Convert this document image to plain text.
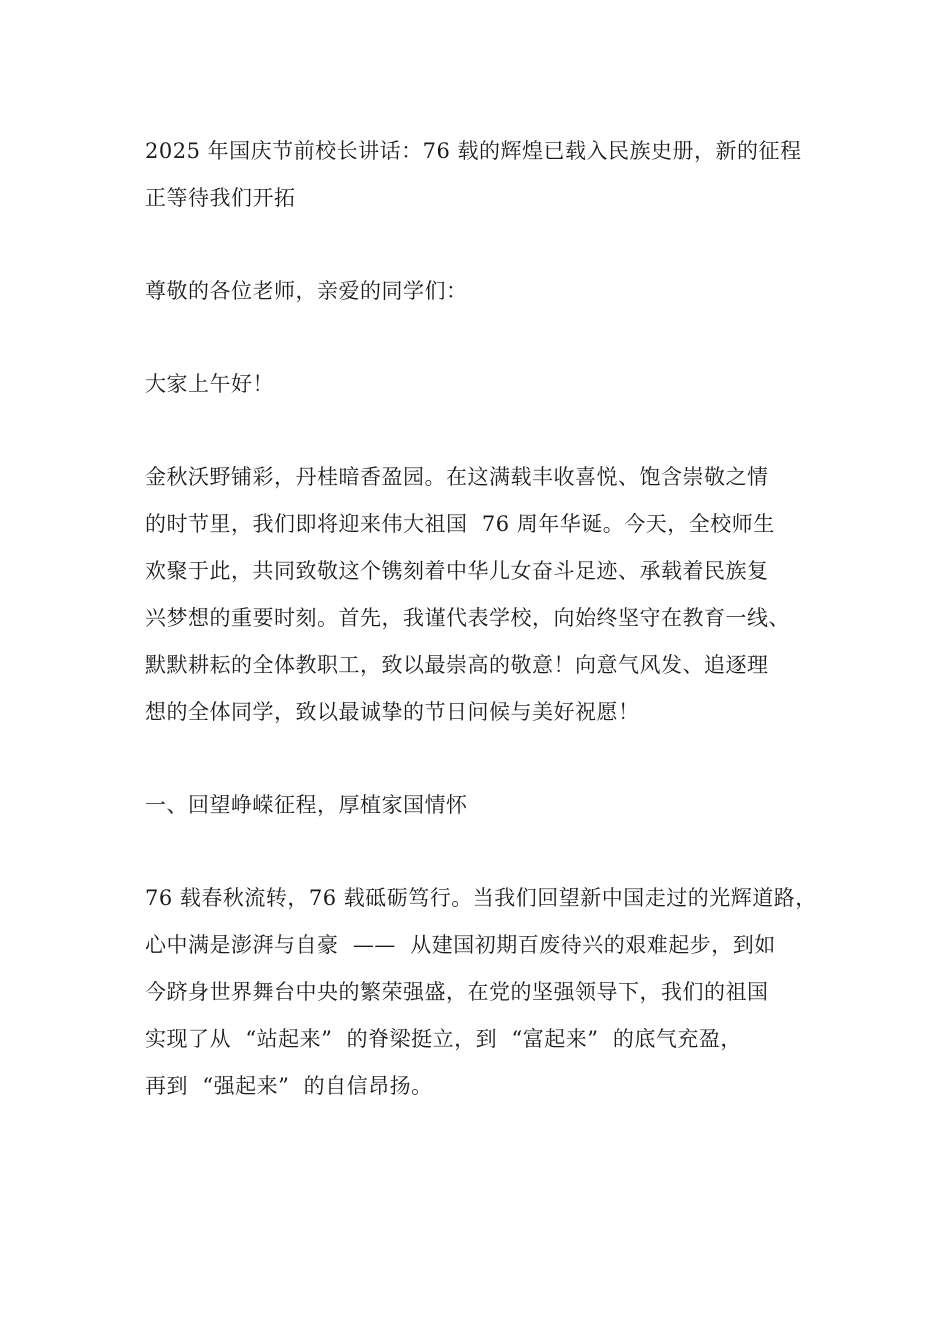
2025 年国庆节前校长讲话：76 载的辉煌已载入民族史册，新的征程
正等待我们开拓
尊敬的各位老师，亲爱的同学们：
大家上午好！
金秋沃野铺彩，丹桂暗香盈园。在这满载丰收喜悦、饱含崇敬之情
的时节里，我们即将迎来伟大祖国  76 周年华诞。今天，全校师生
欢聚于此，共同致敬这个镌刻着中华儿女奋斗足迹、承载着民族复
兴梦想的重要时刻。首先，我谨代表学校，向始终坚守在教育一线、
默默耕耘的全体教职工，致以最崇高的敬意！向意气风发、追逐理
想的全体同学，致以最诚挚的节日问候与美好祝愿！
一、回望峥嵘征程，厚植家国情怀
76 载春秋流转，76 载砥砺笃行。当我们回望新中国走过的光辉道路，
心中满是澎湃与自豪  ——  从建国初期百废待兴的艰难起步，到如
今跻身世界舞台中央的繁荣强盛，在党的坚强领导下，我们的祖国
实现了从  “站起来”  的脊梁挺立，到  “富起来”  的底气充盈，
再到  “强起来”  的自信昂扬。
